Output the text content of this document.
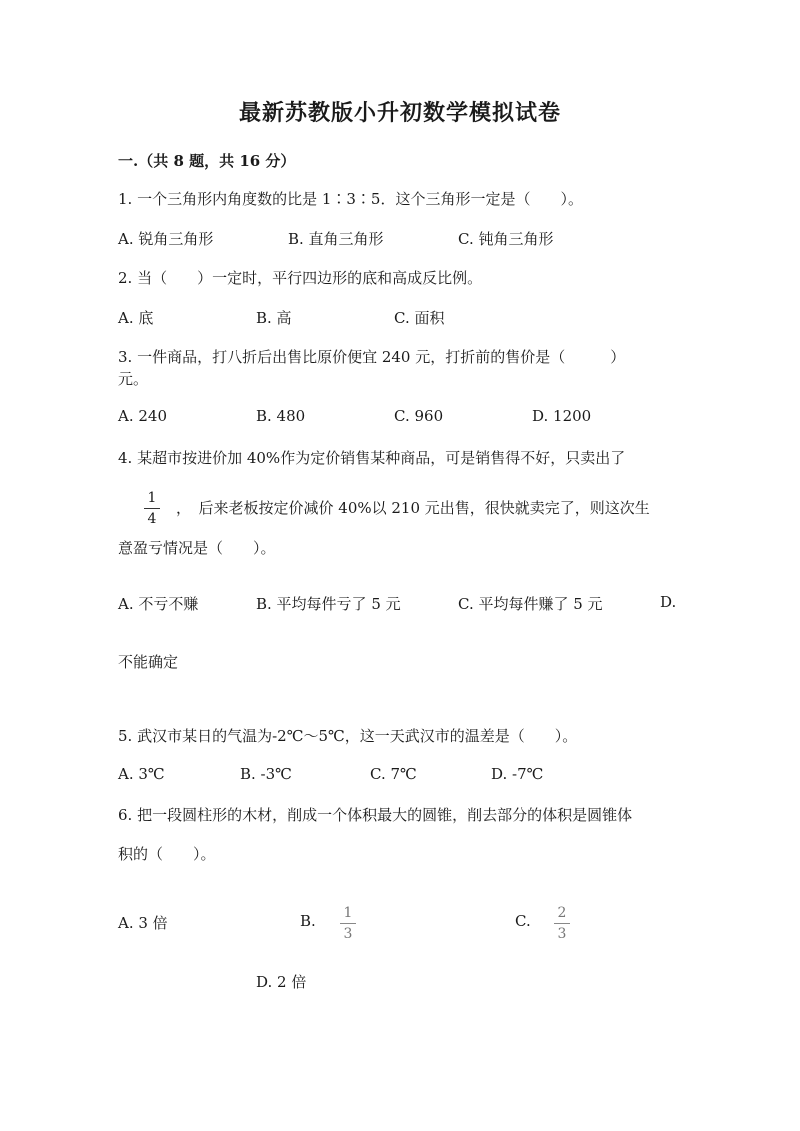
最新苏教版小升初数学模拟试卷
一.（共 8 题，共 16 分）
1. 一个三角形内角度数的比是 1∶3∶5．这个三角形一定是（　　）。
A. 锐角三角形	B. 直角三角形	C. 钝角三角形
2. 当（　　）一定时，平行四边形的底和高成反比例。
A. 底	B. 高	C. 面积
3. 一件商品，打八折后出售比原价便宜 240 元，打折前的售价是（　　　）
元。
A. 240	B. 480	C. 960	D. 1200
4. 某超市按进价加 40%作为定价销售某种商品，可是销售得不好，只卖出了
1
4
，　后来老板按定价减价 40%以 210 元出售，很快就卖完了，则这次生
意盈亏情况是（　　）。
A. 不亏不赚	B. 平均每件亏了 5 元	C. 平均每件赚了 5 元	D.
不能确定
5. 武汉市某日的气温为-2℃～5℃，这一天武汉市的温差是（　　）。
A. 3℃	B. -3℃	C. 7℃	D. -7℃
6. 把一段圆柱形的木材，削成一个体积最大的圆锥，削去部分的体积是圆锥体
积的（　　）。
A. 3 倍	B. 1
3
C. 2
3
D. 2 倍
